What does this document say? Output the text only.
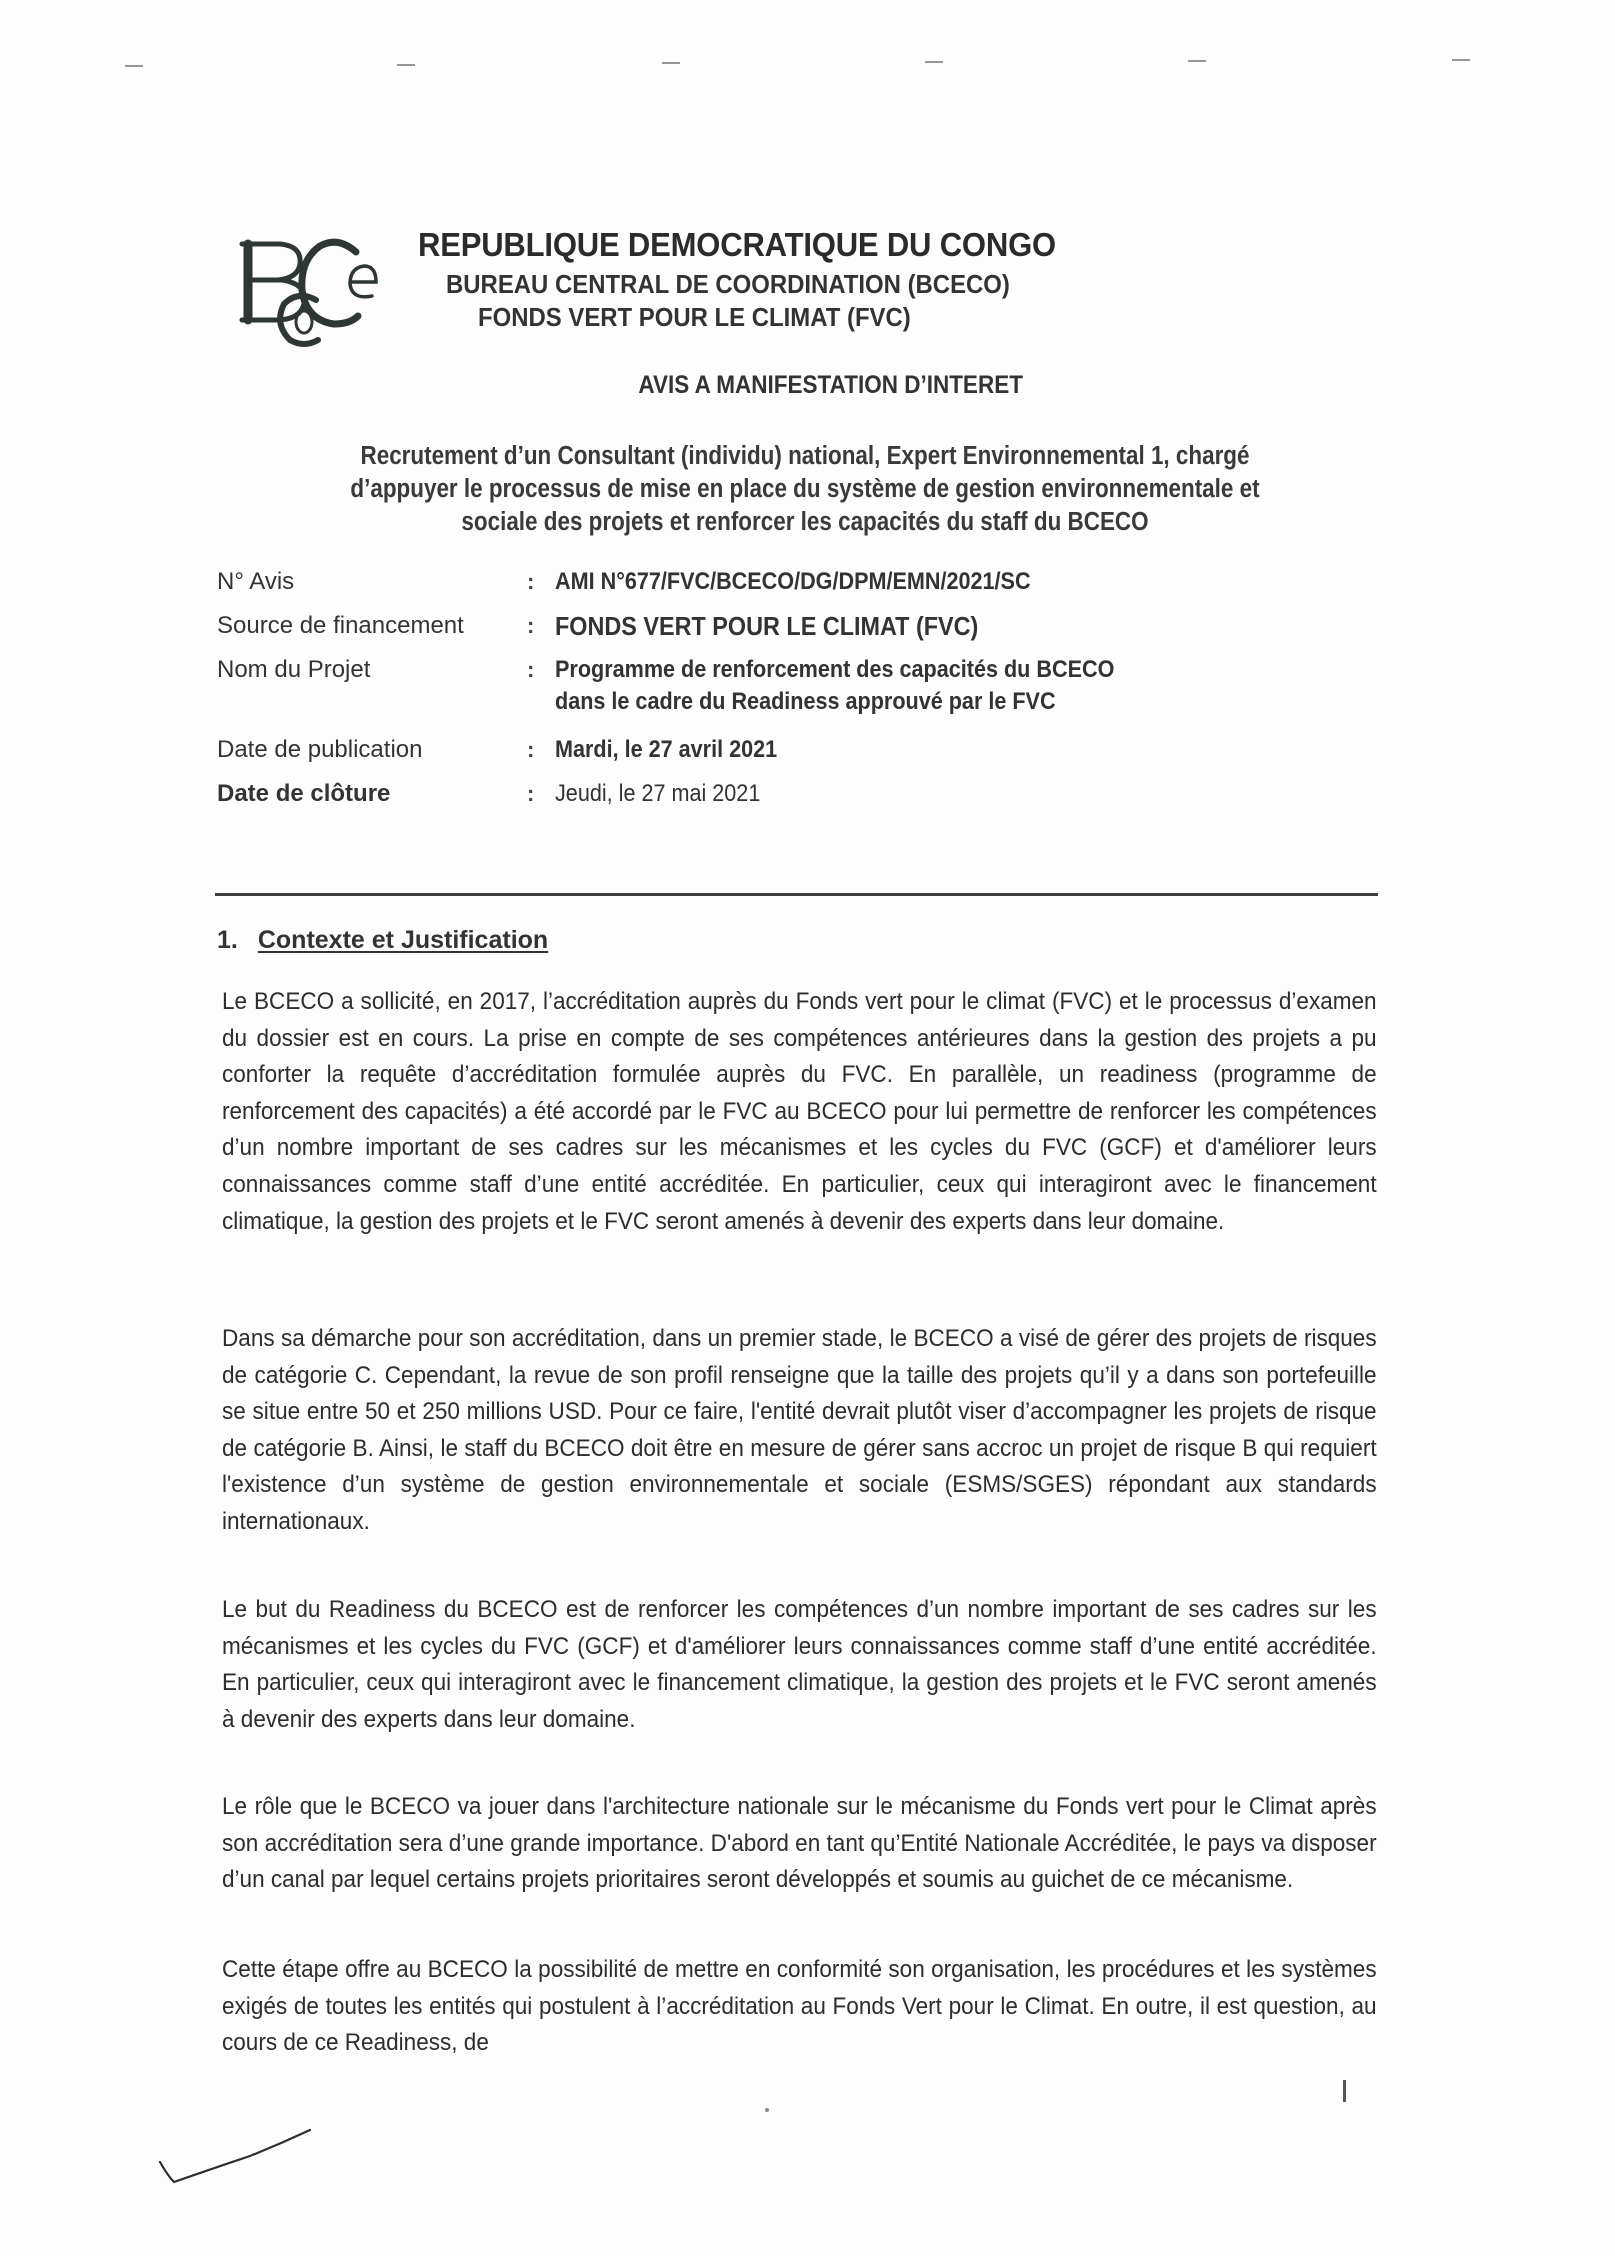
REPUBLIQUE DEMOCRATIQUE DU CONGO
BUREAU CENTRAL DE COORDINATION (BCECO)
FONDS VERT POUR LE CLIMAT (FVC)
AVIS A MANIFESTATION D’INTERET
Recrutement d’un Consultant (individu) national, Expert Environnemental 1, chargé
d’appuyer le processus de mise en place du système de gestion environnementale et
sociale des projets et renforcer les capacités du staff du BCECO
N° Avis	: AMI N°677/FVC/BCECO/DG/DPM/EMN/2021/SC
Source de financement	: FONDS VERT POUR LE CLIMAT (FVC)
Nom du Projet	: Programme de renforcement des capacités du BCECO
dans le cadre du Readiness approuvé par le FVC
Date de publication	: Mardi, le 27 avril 2021
Date de clôture	: Jeudi, le 27 mai 2021
1. Contexte et Justification
Le BCECO a sollicité, en 2017, l’accréditation auprès du Fonds vert pour le climat (FVC) et le processus d’examen du dossier est en cours. La prise en compte de ses compétences antérieures dans la gestion des projets a pu conforter la requête d’accréditation formulée auprès du FVC. En parallèle, un readiness (programme de renforcement des capacités) a été accordé par le FVC au BCECO pour lui permettre de renforcer les compétences d’un nombre important de ses cadres sur les mécanismes et les cycles du FVC (GCF) et d'améliorer leurs connaissances comme staff d’une entité accréditée. En particulier, ceux qui interagiront avec le financement climatique, la gestion des projets et le FVC seront amenés à devenir des experts dans leur domaine.
Dans sa démarche pour son accréditation, dans un premier stade, le BCECO a visé de gérer des projets de risques de catégorie C. Cependant, la revue de son profil renseigne que la taille des projets qu’il y a dans son portefeuille se situe entre 50 et 250 millions USD. Pour ce faire, l'entité devrait plutôt viser d’accompagner les projets de risque de catégorie B. Ainsi, le staff du BCECO doit être en mesure de gérer sans accroc un projet de risque B qui requiert l'existence d’un système de gestion environnementale et sociale (ESMS/SGES) répondant aux standards internationaux.
Le but du Readiness du BCECO est de renforcer les compétences d’un nombre important de ses cadres sur les mécanismes et les cycles du FVC (GCF) et d'améliorer leurs connaissances comme staff d’une entité accréditée. En particulier, ceux qui interagiront avec le financement climatique, la gestion des projets et le FVC seront amenés à devenir des experts dans leur domaine.
Le rôle que le BCECO va jouer dans l'architecture nationale sur le mécanisme du Fonds vert pour le Climat après son accréditation sera d’une grande importance. D'abord en tant qu’Entité Nationale Accréditée, le pays va disposer d’un canal par lequel certains projets prioritaires seront développés et soumis au guichet de ce mécanisme.
Cette étape offre au BCECO la possibilité de mettre en conformité son organisation, les procédures et les systèmes exigés de toutes les entités qui postulent à l’accréditation au Fonds Vert pour le Climat. En outre, il est question, au cours de ce Readiness, de
